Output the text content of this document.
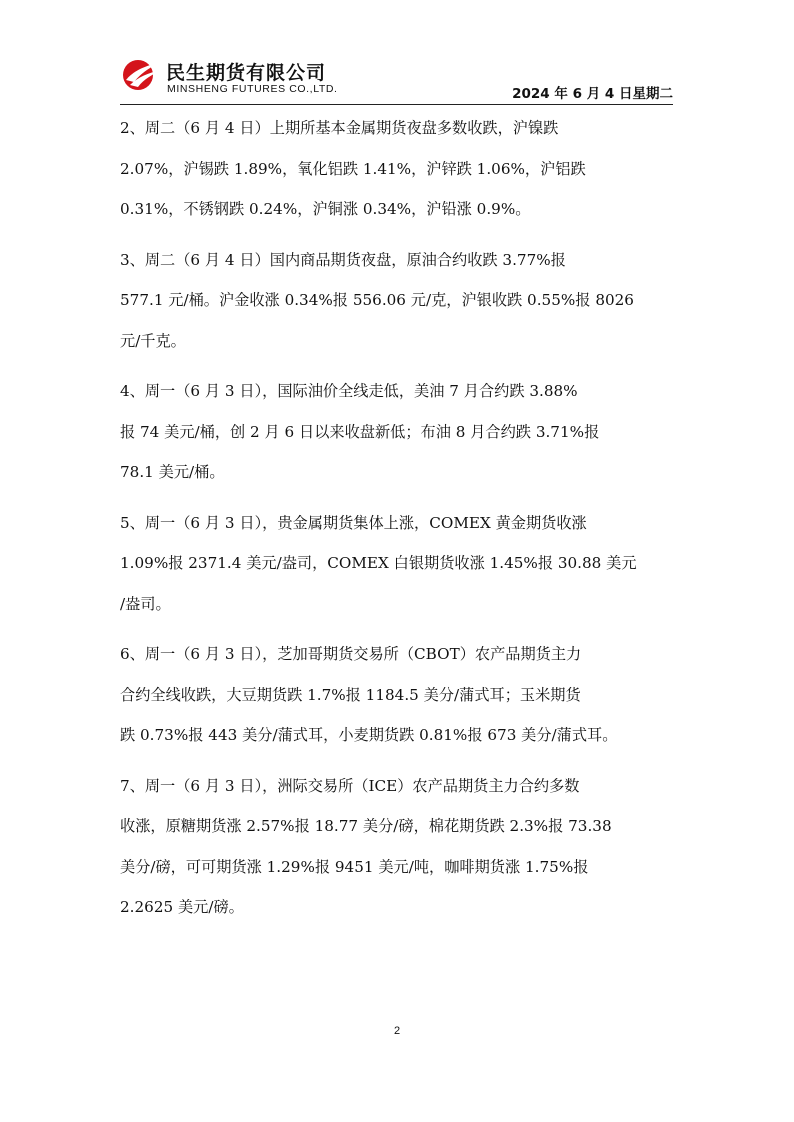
民生期货有限公司
MINSHENG FUTURES CO.,LTD.	2024 年 6 月 4 日星期二

2、周二（6 月 4 日）上期所基本金属期货夜盘多数收跌，沪镍跌
2.07%，沪锡跌 1.89%，氧化铝跌 1.41%，沪锌跌 1.06%，沪铝跌
0.31%，不锈钢跌 0.24%，沪铜涨 0.34%，沪铅涨 0.9%。

3、周二（6 月 4 日）国内商品期货夜盘，原油合约收跌 3.77%报
577.1 元/桶。沪金收涨 0.34%报 556.06 元/克，沪银收跌 0.55%报 8026
元/千克。

4、周一（6 月 3 日），国际油价全线走低，美油 7 月合约跌 3.88%
报 74 美元/桶，创 2 月 6 日以来收盘新低；布油 8 月合约跌 3.71%报
78.1 美元/桶。

5、周一（6 月 3 日），贵金属期货集体上涨，COMEX 黄金期货收涨
1.09%报 2371.4 美元/盎司，COMEX 白银期货收涨 1.45%报 30.88 美元
/盎司。

6、周一（6 月 3 日），芝加哥期货交易所（CBOT）农产品期货主力
合约全线收跌，大豆期货跌 1.7%报 1184.5 美分/蒲式耳；玉米期货
跌 0.73%报 443 美分/蒲式耳，小麦期货跌 0.81%报 673 美分/蒲式耳。

7、周一（6 月 3 日），洲际交易所（ICE）农产品期货主力合约多数
收涨，原糖期货涨 2.57%报 18.77 美分/磅，棉花期货跌 2.3%报 73.38
美分/磅，可可期货涨 1.29%报 9451 美元/吨，咖啡期货涨 1.75%报
2.2625 美元/磅。

2
